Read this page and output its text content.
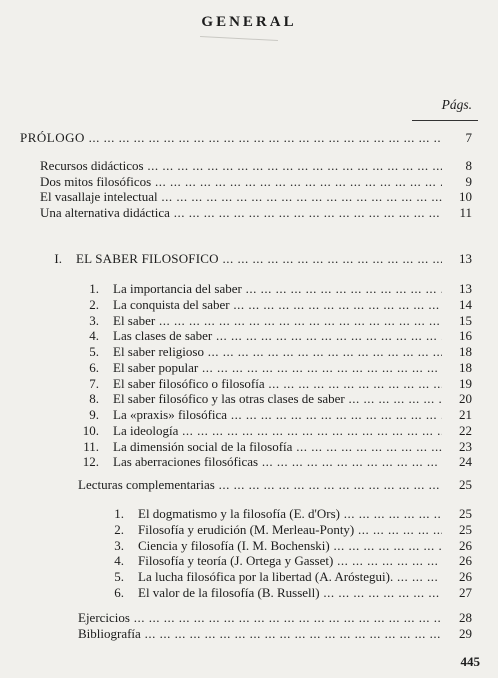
GENERAL
Págs.
PRÓLOGO ... .	7
Recursos didácticos ... .	8
Dos mitos filosóficos ... .	9
El vasallaje intelectual ... .	10
Una alternativa didáctica ... .	11
I. EL SABER FILOSOFICO ... .	13
1. La importancia del saber ... .	13
2. La conquista del saber ... .	14
3. El saber ... .	15
4. Las clases de saber ... .	16
5. El saber religioso ... .	18
6. El saber popular ... .	18
7. El saber filosófico o filosofía ... .	19
8. El saber filosófico y las otras clases de saber ... .	20
9. La «praxis» filosófica ... .	21
10. La ideología ... .	22
11. La dimensión social de la filosofía ... .	23
12. Las aberraciones filosóficas ... .	24
Lecturas complementarias ... .	25
1. El dogmatismo y la filosofía (E. d'Ors) ... .	25
2. Filosofía y erudición (M. Merleau-Ponty) ... .	25
3. Ciencia y filosofía (I. M. Bochenski) ... .	26
4. Filosofía y teoría (J. Ortega y Gasset) ... .	26
5. La lucha filosófica por la libertad (A. Aróstegui). ... .	26
6. El valor de la filosofía (B. Russell) ... .	27
Ejercicios ... .	28
Bibliografía ... .	29
445
